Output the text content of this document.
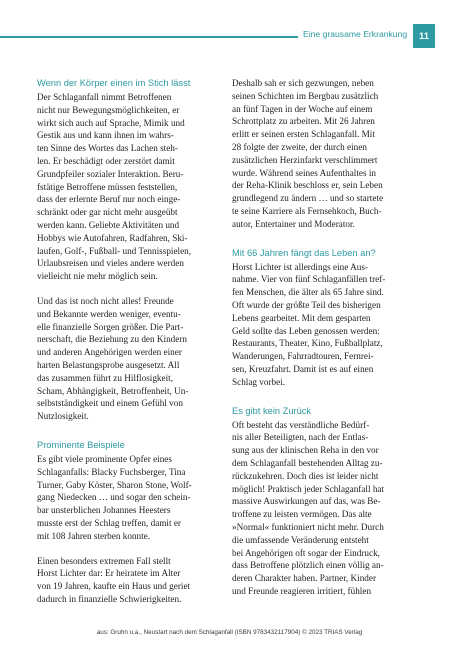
Eine grausame Erkrankung	11
Wenn der Körper einen im Stich lässt

Der Schlaganfall nimmt Betroffenen
nicht nur Bewegungsmöglichkeiten, er
wirkt sich auch auf Sprache, Mimik und
Gestik aus und kann ihnen im wahrs-
ten Sinne des Wortes das Lachen steh-
len. Er beschädigt oder zerstört damit
Grundpfeiler sozialer Interaktion. Beru-
fstätige Betroffene müssen feststellen,
dass der erlernte Beruf nur noch einge-
schränkt oder gar nicht mehr ausgeübt
werden kann. Geliebte Aktivitäten und
Hobbys wie Autofahren, Radfahren, Ski-
laufen, Golf-, Fußball- und Tennisspielen,
Urlaubsreisen und vieles andere werden
vielleicht nie mehr möglich sein.

Und das ist noch nicht alles! Freunde
und Bekannte werden weniger, eventu-
elle finanzielle Sorgen größer. Die Part-
nerschaft, die Beziehung zu den Kindern
und anderen Angehörigen werden einer
harten Belastungsprobe ausgesetzt. All
das zusammen führt zu Hilflosigkeit,
Scham, Abhängigkeit, Betroffenheit, Un-
selbstständigkeit und einem Gefühl von
Nutzlosigkeit.

Prominente Beispiele

Es gibt viele prominente Opfer eines
Schlaganfalls: Blacky Fuchsberger, Tina
Turner, Gaby Köster, Sharon Stone, Wolf-
gang Niedecken … und sogar den schein-
bar unsterblichen Johannes Heesters
musste erst der Schlag treffen, damit er
mit 108 Jahren sterben konnte.

Einen besonders extremen Fall stellt
Horst Lichter dar: Er heiratete im Alter
von 19 Jahren, kaufte ein Haus und geriet
dadurch in finanzielle Schwierigkeiten.

Deshalb sah er sich gezwungen, neben
seinen Schichten im Bergbau zusätzlich
an fünf Tagen in der Woche auf einem
Schrottplatz zu arbeiten. Mit 26 Jahren
erlitt er seinen ersten Schlaganfall. Mit
28 folgte der zweite, der durch einen
zusätzlichen Herzinfarkt verschlimmert
wurde. Während seines Aufenthaltes in
der Reha-Klinik beschloss er, sein Leben
grundlegend zu ändern … und so startete
te seine Karriere als Fernsehkoch, Buch-
autor, Entertainer und Moderator.

Mit 66 Jahren fängt das Leben an?

Horst Lichter ist allerdings eine Aus-
nahme. Vier von fünf Schlaganfällen tref-
fen Menschen, die älter als 65 Jahre sind.
Oft wurde der größte Teil des bisherigen
Lebens gearbeitet. Mit dem gesparten
Geld sollte das Leben genossen werden:
Restaurants, Theater, Kino, Fußballplatz,
Wanderungen, Fahrradtouren, Fernrei-
sen, Kreuzfahrt. Damit ist es auf einen
Schlag vorbei.

Es gibt kein Zurück

Oft besteht das verständliche Bedürf-
nis aller Beteiligten, nach der Entlas-
sung aus der klinischen Reha in den vor
dem Schlaganfall bestehenden Alltag zu-
rückzukehren. Doch dies ist leider nicht
möglich! Praktisch jeder Schlaganfall hat
massive Auswirkungen auf das, was Be-
troffene zu leisten vermögen. Das alte
»Normal« funktioniert nicht mehr. Durch
die umfassende Veränderung entsteht
bei Angehörigen oft sogar der Eindruck,
dass Betroffene plötzlich einen völlig an-
deren Charakter haben. Partner, Kinder
und Freunde reagieren irritiert, fühlen

aus: Gruhn u.a., Neustart nach dem Schlaganfall (ISBN 9783432117904) © 2023 TRIAS Verlag
